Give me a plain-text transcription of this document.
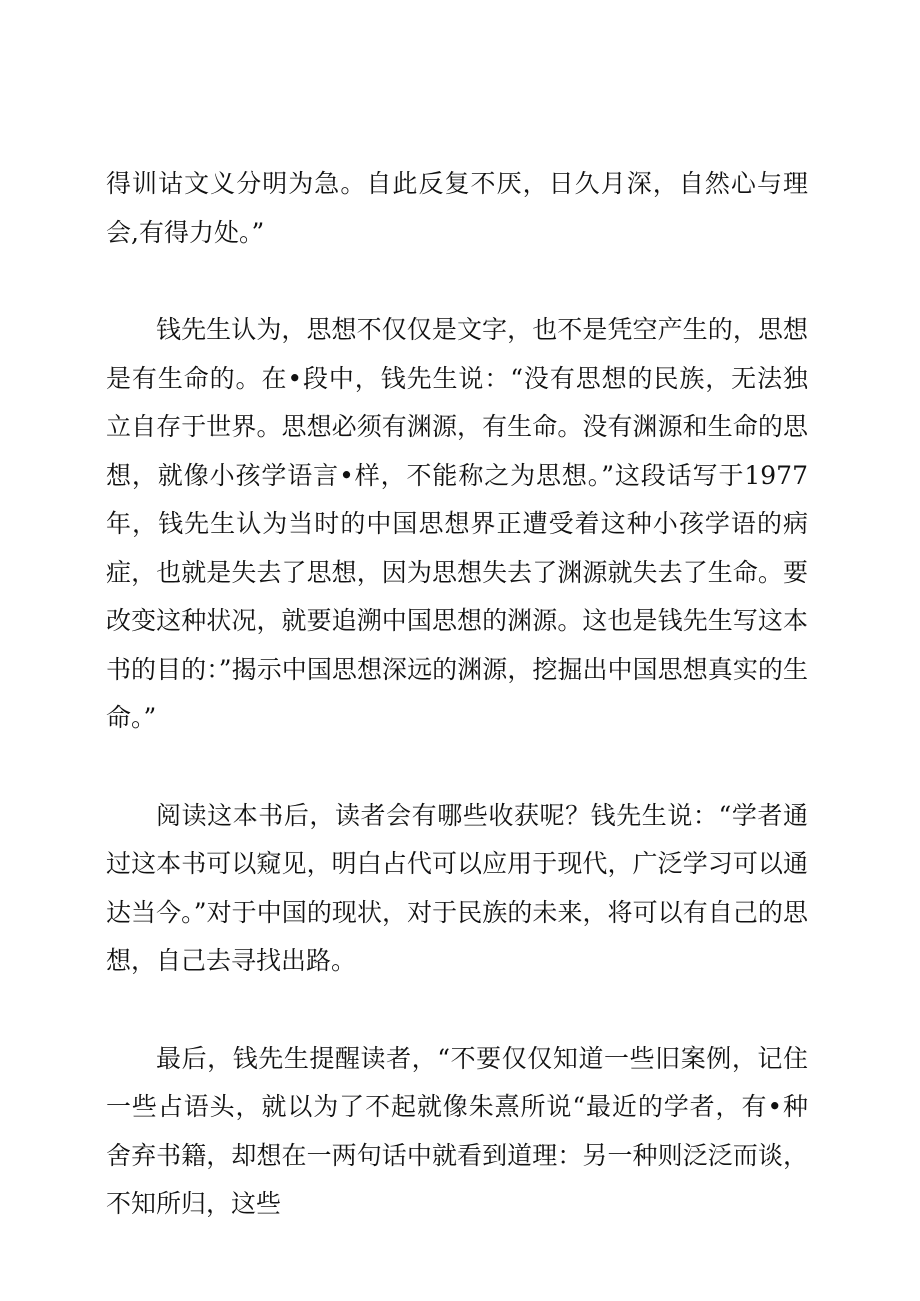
得训诂文义分明为急。自此反复不厌，日久月深，自然心与理会,有得力处。”

钱先生认为，思想不仅仅是文字，也不是凭空产生的，思想是有生命的。在•段中，钱先生说：“没有思想的民族，无法独立自存于世界。思想必须有渊源，有生命。没有渊源和生命的思想，就像小孩学语言•样，不能称之为思想。”这段话写于1977年，钱先生认为当时的中国思想界正遭受着这种小孩学语的病症，也就是失去了思想，因为思想失去了渊源就失去了生命。要改变这种状况，就要追溯中国思想的渊源。这也是钱先生写这本书的目的：”揭示中国思想深远的渊源，挖掘出中国思想真实的生命。”

阅读这本书后，读者会有哪些收获呢？钱先生说：“学者通过这本书可以窥见，明白占代可以应用于现代，广泛学习可以通达当今。”对于中国的现状，对于民族的未来，将可以有自己的思想，自己去寻找出路。

最后，钱先生提醒读者，“不要仅仅知道一些旧案例，记住一些占语头，就以为了不起就像朱熹所说“最近的学者，有•种舍弃书籍，却想在一两句话中就看到道理：另一种则泛泛而谈，不知所归，这些
